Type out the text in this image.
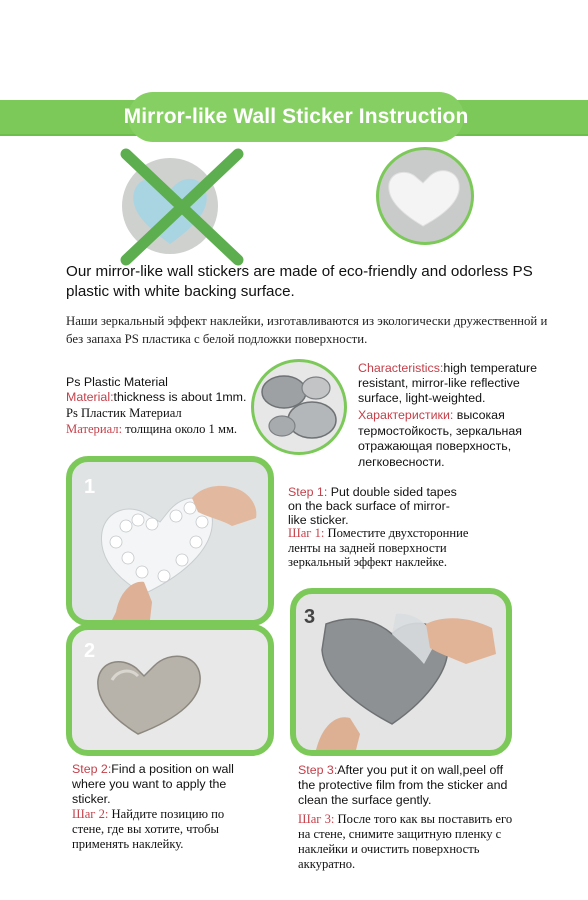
Mirror-like Wall Sticker Instruction
Our mirror-like wall stickers are made of eco-friendly and odorless PS plastic with white backing surface.
Наши зеркальный эффект наклейки, изготавливаются из экологически дружественной и без запаха PS пластика с белой подложки поверхности.
Ps Plastic Material
Material:thickness is about 1mm.
Ps Пластик Материал
Материал: толщина около 1 мм.
Characteristics:high temperature resistant, mirror-like reflective surface, light-weighted.
Характеристики: высокая термостойкость, зеркальная отражающая поверхность, легковесности.
1	Step 1: Put double sided tapes on the back surface of mirror-like sticker.
Шаг 1: Поместите двухсторонние ленты на задней поверхности зеркальный эффект наклейке.
2
Step 2:Find a position on wall where you want to apply the sticker.
Шаг 2: Найдите позицию по стене, где вы хотите, чтобы применять наклейку.
3
Step 3:After you put it on wall,peel off the protective film from the sticker and clean the surface gently.
Шаг 3: После того как вы поставить его на стене, снимите защитную пленку с наклейки и очистить поверхность аккуратно.
